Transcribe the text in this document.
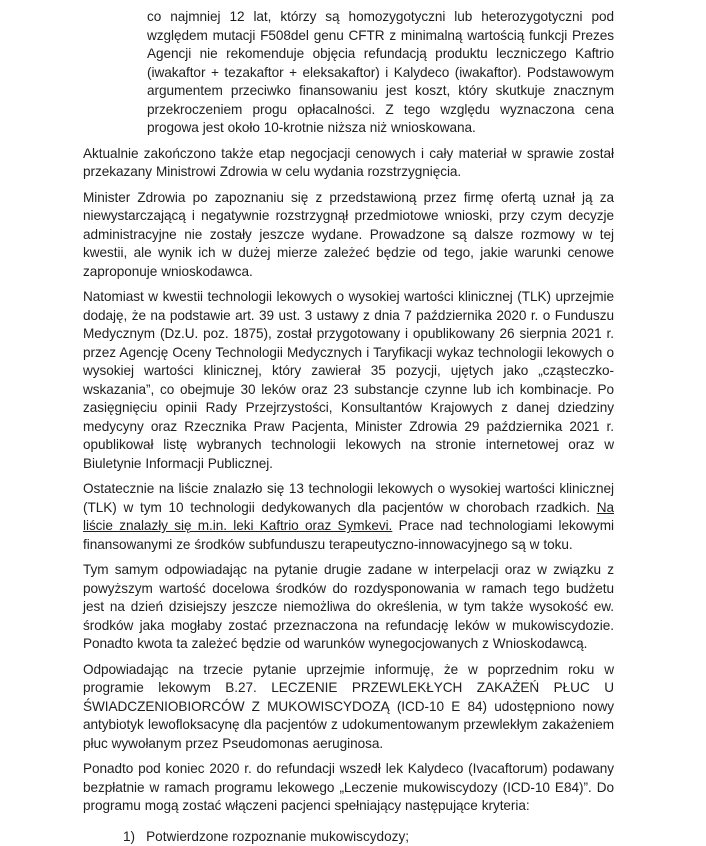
co najmniej 12 lat, którzy są homozygotyczni lub heterozygotyczni pod względem mutacji F508del genu CFTR z minimalną wartością funkcji Prezes Agencji nie rekomenduje objęcia refundacją produktu leczniczego Kaftrio (iwakaftor + tezakaftor + eleksakaftor) i Kalydeco (iwakaftor). Podstawowym argumentem przeciwko finansowaniu jest koszt, który skutkuje znacznym przekroczeniem progu opłacalności. Z tego względu wyznaczona cena progowa jest około 10-krotnie niższa niż wnioskowana.

Aktualnie zakończono także etap negocjacji cenowych i cały materiał w sprawie został przekazany Ministrowi Zdrowia w celu wydania rozstrzygnięcia.

Minister Zdrowia po zapoznaniu się z przedstawioną przez firmę ofertą uznał ją za niewystarczającą i negatywnie rozstrzygnął przedmiotowe wnioski, przy czym decyzje administracyjne nie zostały jeszcze wydane. Prowadzone są dalsze rozmowy w tej kwestii, ale wynik ich w dużej mierze zależeć będzie od tego, jakie warunki cenowe zaproponuje wnioskodawca.

Natomiast w kwestii technologii lekowych o wysokiej wartości klinicznej (TLK) uprzejmie dodaję, że na podstawie art. 39 ust. 3 ustawy z dnia 7 października 2020 r. o Funduszu Medycznym (Dz.U. poz. 1875), został przygotowany i opublikowany 26 sierpnia 2021 r. przez Agencję Oceny Technologii Medycznych i Taryfikacji wykaz technologii lekowych o wysokiej wartości klinicznej, który zawierał 35 pozycji, ujętych jako „cząsteczko-wskazania”, co obejmuje 30 leków oraz 23 substancje czynne lub ich kombinacje. Po zasięgnięciu opinii Rady Przejrzystości, Konsultantów Krajowych z danej dziedziny medycyny oraz Rzecznika Praw Pacjenta, Minister Zdrowia 29 października 2021 r. opublikował listę wybranych technologii lekowych na stronie internetowej oraz w Biuletynie Informacji Publicznej.

Ostatecznie na liście znalazło się 13 technologii lekowych o wysokiej wartości klinicznej (TLK) w tym 10 technologii dedykowanych dla pacjentów w chorobach rzadkich. Na liście znalazły się m.in. leki Kaftrio oraz Symkevi. Prace nad technologiami lekowymi finansowanymi ze środków subfunduszu terapeutyczno-innowacyjnego są w toku.

Tym samym odpowiadając na pytanie drugie zadane w interpelacji oraz w związku z powyższym wartość docelowa środków do rozdysponowania w ramach tego budżetu jest na dzień dzisiejszy jeszcze niemożliwa do określenia, w tym także wysokość ew. środków jaka mogłaby zostać przeznaczona na refundację leków w mukowiscydozie. Ponadto kwota ta zależeć będzie od warunków wynegocjowanych z Wnioskodawcą.

Odpowiadając na trzecie pytanie uprzejmie informuję, że w poprzednim roku w programie lekowym B.27. LECZENIE PRZEWLEKŁYCH ZAKAŻEŃ PŁUC U ŚWIADCZENIOBIORCÓW Z MUKOWISCYDOZĄ (ICD-10 E 84) udostępniono nowy antybiotyk lewofloksacynę dla pacjentów z udokumentowanym przewlekłym zakażeniem płuc wywołanym przez Pseudomonas aeruginosa.

Ponadto pod koniec 2020 r. do refundacji wszedł lek Kalydeco (Ivacaftorum) podawany bezpłatnie w ramach programu lekowego „Leczenie mukowiscydozy (ICD-10 E84)”. Do programu mogą zostać włączeni pacjenci spełniający następujące kryteria:

1) Potwierdzone rozpoznanie mukowiscydozy;
